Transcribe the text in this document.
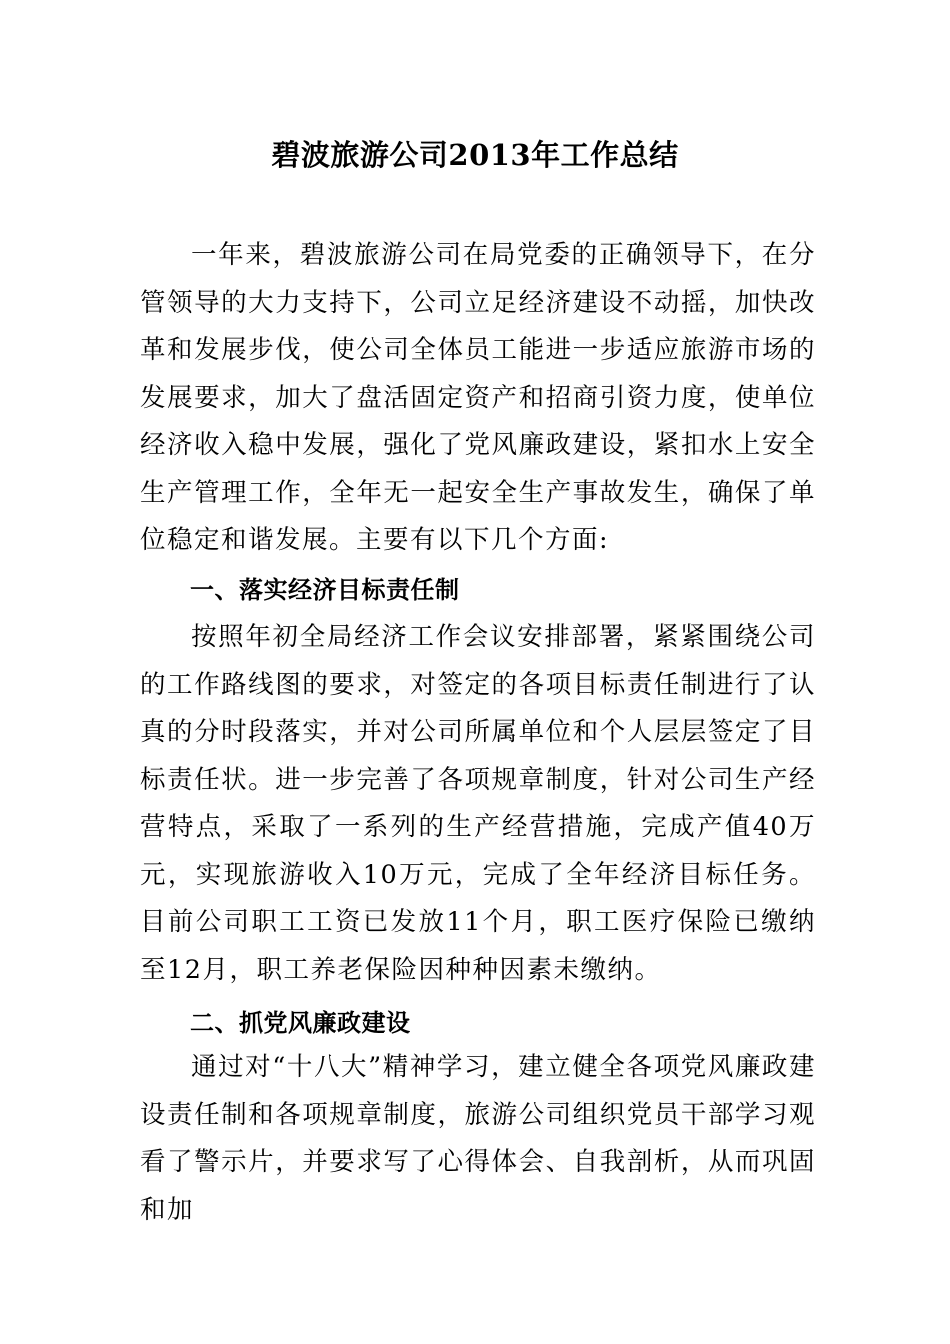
碧波旅游公司2013年工作总结
一年来，碧波旅游公司在局党委的正确领导下，在分管领导的大力支持下，公司立足经济建设不动摇，加快改革和发展步伐，使公司全体员工能进一步适应旅游市场的发展要求，加大了盘活固定资产和招商引资力度，使单位经济收入稳中发展，强化了党风廉政建设，紧扣水上安全生产管理工作，全年无一起安全生产事故发生，确保了单位稳定和谐发展。主要有以下几个方面:
一、落实经济目标责任制
按照年初全局经济工作会议安排部署，紧紧围绕公司的工作路线图的要求，对签定的各项目标责任制进行了认真的分时段落实，并对公司所属单位和个人层层签定了目标责任状。进一步完善了各项规章制度，针对公司生产经营特点，采取了一系列的生产经营措施，完成产值40万元，实现旅游收入10万元，完成了全年经济目标任务。目前公司职工工资已发放11个月，职工医疗保险已缴纳至12月，职工养老保险因种种因素未缴纳。
二、抓党风廉政建设
通过对“十八大”精神学习，建立健全各项党风廉政建设责任制和各项规章制度，旅游公司组织党员干部学习观看了警示片，并要求写了心得体会、自我剖析，从而巩固和加
